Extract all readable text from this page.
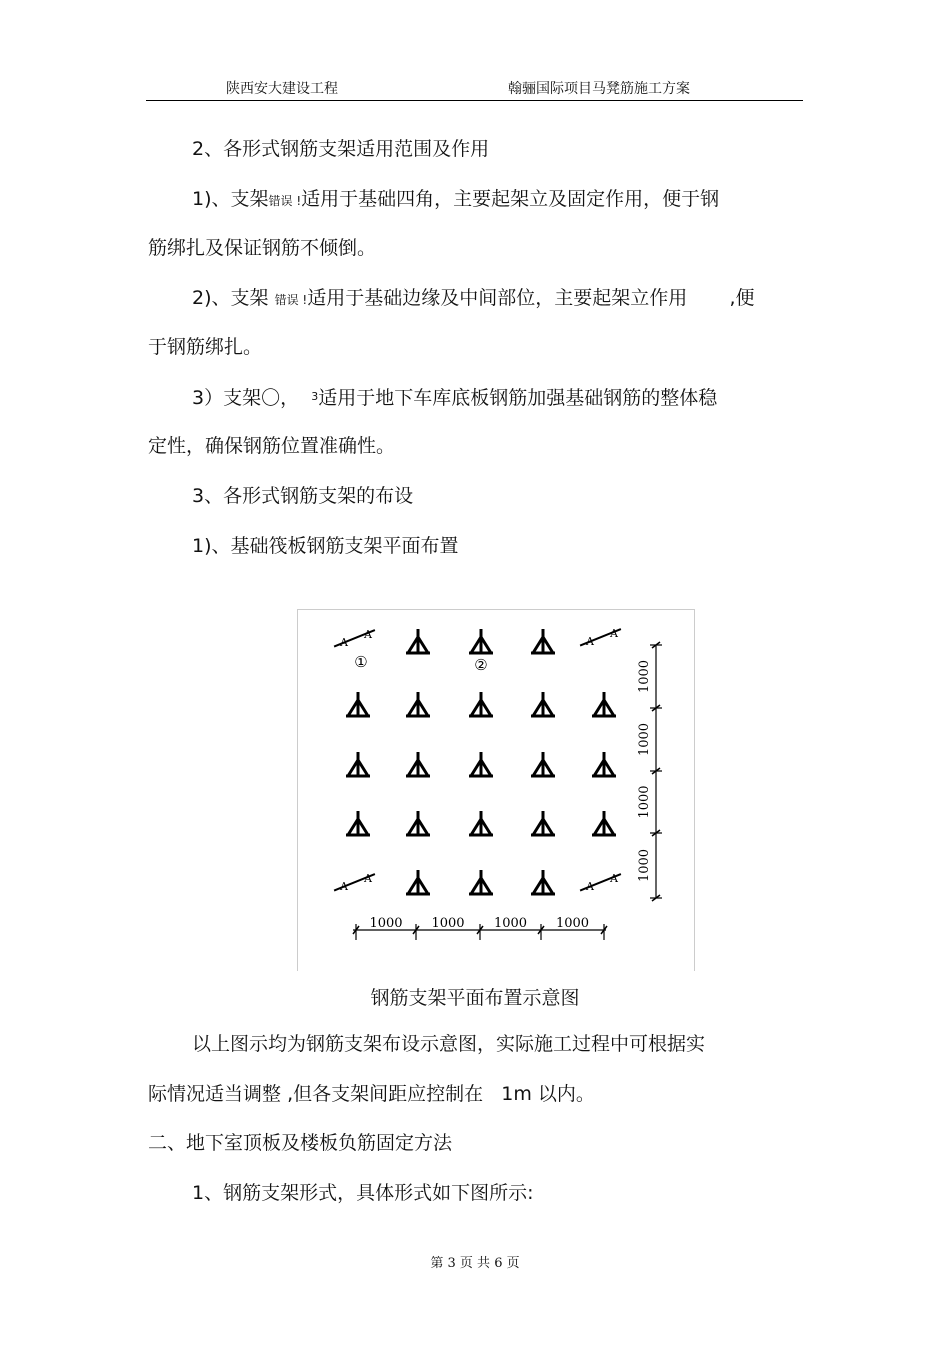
陕西安大建设工程	翰骊国际项目马凳筋施工方案
2、各形式钢筋支架适用范围及作用
1)、支架错误 !适用于基础四角，主要起架立及固定作用，便于钢
筋绑扎及保证钢筋不倾倒。
2)、支架 错误 !适用于基础边缘及中间部位，主要起架立作用 ,便
于钢筋绑扎。
3）支架〇， $^3$适用于地下车库底板钢筋加强基础钢筋的整体稳
定性，确保钢筋位置准确性。
3、各形式钢筋支架的布设
1)、基础筏板钢筋支架平面布置
A
A
A
A
A
A
A
A
①	②	1000
1000
1000
1000
1000 1000 1000 1000
钢筋支架平面布置示意图
以上图示均为钢筋支架布设示意图，实际施工过程中可根据实
际情况适当调整 ,但各支架间距应控制在 1m 以内。
二、地下室顶板及楼板负筋固定方法
1、钢筋支架形式，具体形式如下图所示:
第 3 页 共 6 页
